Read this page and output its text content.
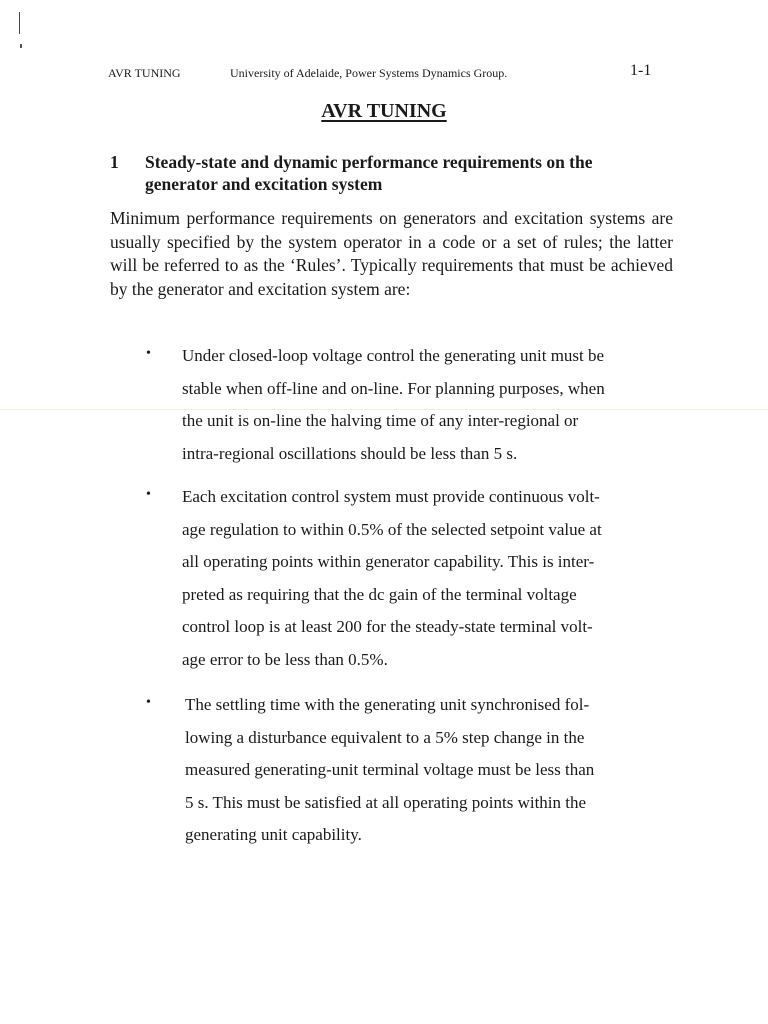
AVR TUNING	University of Adelaide, Power Systems Dynamics Group.	1-1
AVR TUNING
1 Steady-state and dynamic performance requirements on the generator and excitation system
Minimum performance requirements on generators and excitation systems are usually specified by the system operator in a code or a set of rules; the latter will be referred to as the ‘Rules’. Typically requirements that must be achieved by the generator and excitation system are:
• Under closed-loop voltage control the generating unit must be
stable when off-line and on-line. For planning purposes, when
the unit is on-line the halving time of any inter-regional or
intra-regional oscillations should be less than 5 s.
• Each excitation control system must provide continuous volt-
age regulation to within 0.5% of the selected setpoint value at
all operating points within generator capability. This is inter-
preted as requiring that the dc gain of the terminal voltage
control loop is at least 200 for the steady-state terminal volt-
age error to be less than 0.5%.
• The settling time with the generating unit synchronised fol-
lowing a disturbance equivalent to a 5% step change in the
measured generating-unit terminal voltage must be less than
5 s. This must be satisfied at all operating points within the
generating unit capability.
